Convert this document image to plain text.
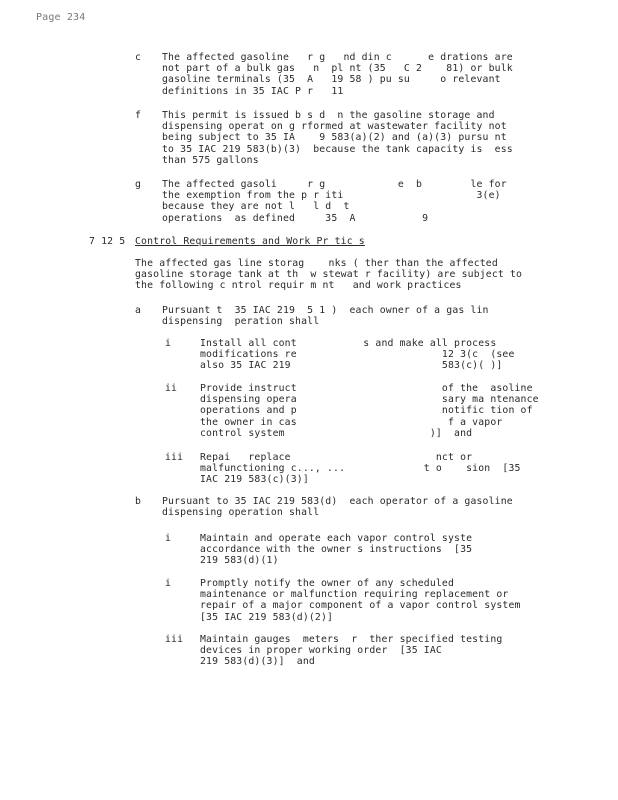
Page 234
c The affected gasoline   r g   nd din c      e drations are
not part of a bulk gas   n  pl nt (35   C 2    81) or bulk
gasoline terminals (35  A   19 58 ) pu su     o relevant
definitions in 35 IAC P r   11
f This permit is issued b s d  n the gasoline storage and
dispensing operat on g rformed at wastewater facility not
being subject to 35 IA    9 583(a)(2) and (a)(3) pursu nt
to 35 IAC 219 583(b)(3)  because the tank capacity is  ess
than 575 gallons
g The affected gasoli     r g            e  b        le for
the exemption from the p r iti                      3(e)
because they are not l   l d  t
operations  as defined     35  A           9
7 12 5 Control Requirements and Work Pr tic s
The affected gas line storag    nks ( ther than the affected
gasoline storage tank at th  w stewat r facility) are subject to
the following c ntrol requir m nt   and work practices
a Pursuant t  35 IAC 219  5 1 )  each owner of a gas lin
dispensing  peration shall
i	Install all cont           s and make all process
modifications re                        12 3(c  (see
also 35 IAC 219                         583(c)( )]
ii Provide instruct                        of the  asoline
dispensing opera                        sary ma ntenance
operations and p                        notific tion of
the owner in cas                         f a vapor
control system                        )]  and
iii Repai   replace                        nct or
malfunctioning c..., ...             t o    sion  [35
IAC 219 583(c)(3)]
b Pursuant to 35 IAC 219 583(d)  each operator of a gasoline
dispensing operation shall
i	Maintain and operate each vapor control syste
accordance with the owner s instructions  [35
219 583(d)(1)
i	Promptly notify the owner of any scheduled
maintenance or malfunction requiring replacement or
repair of a major component of a vapor control system
[35 IAC 219 583(d)(2)]
iii Maintain gauges  meters  r  ther specified testing
devices in proper working order  [35 IAC
219 583(d)(3)]  and
